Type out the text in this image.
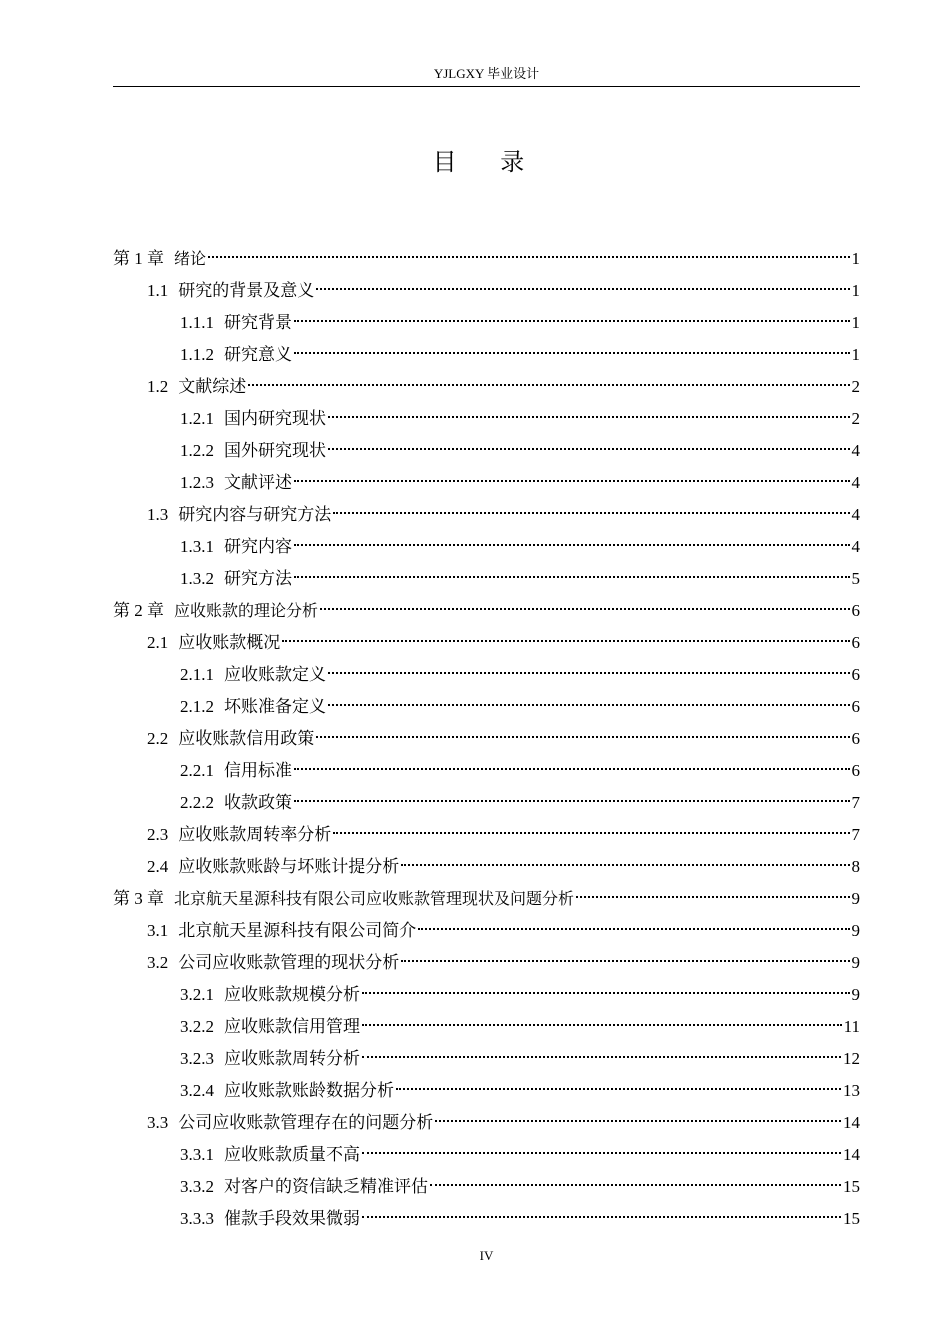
YJLGXY 毕业设计
目 录
第 1 章 绪论	1
1.1 研究的背景及意义	1
1.1.1 研究背景	1
1.1.2 研究意义	1
1.2 文献综述	2
1.2.1 国内研究现状	2
1.2.2 国外研究现状	4
1.2.3 文献评述	4
1.3 研究内容与研究方法	4
1.3.1 研究内容	4
1.3.2 研究方法	5
第 2 章 应收账款的理论分析	6
2.1 应收账款概况	6
2.1.1 应收账款定义	6
2.1.2 坏账准备定义	6
2.2 应收账款信用政策	6
2.2.1 信用标准	6
2.2.2 收款政策	7
2.3 应收账款周转率分析	7
2.4 应收账款账龄与坏账计提分析	8
第 3 章 北京航天星源科技有限公司应收账款管理现状及问题分析	9
3.1 北京航天星源科技有限公司简介	9
3.2 公司应收账款管理的现状分析	9
3.2.1 应收账款规模分析	9
3.2.2 应收账款信用管理	11
3.2.3 应收账款周转分析	12
3.2.4 应收账款账龄数据分析	13
3.3 公司应收账款管理存在的问题分析	14
3.3.1 应收账款质量不高	14
3.3.2 对客户的资信缺乏精准评估	15
3.3.3 催款手段效果微弱	15
IV
